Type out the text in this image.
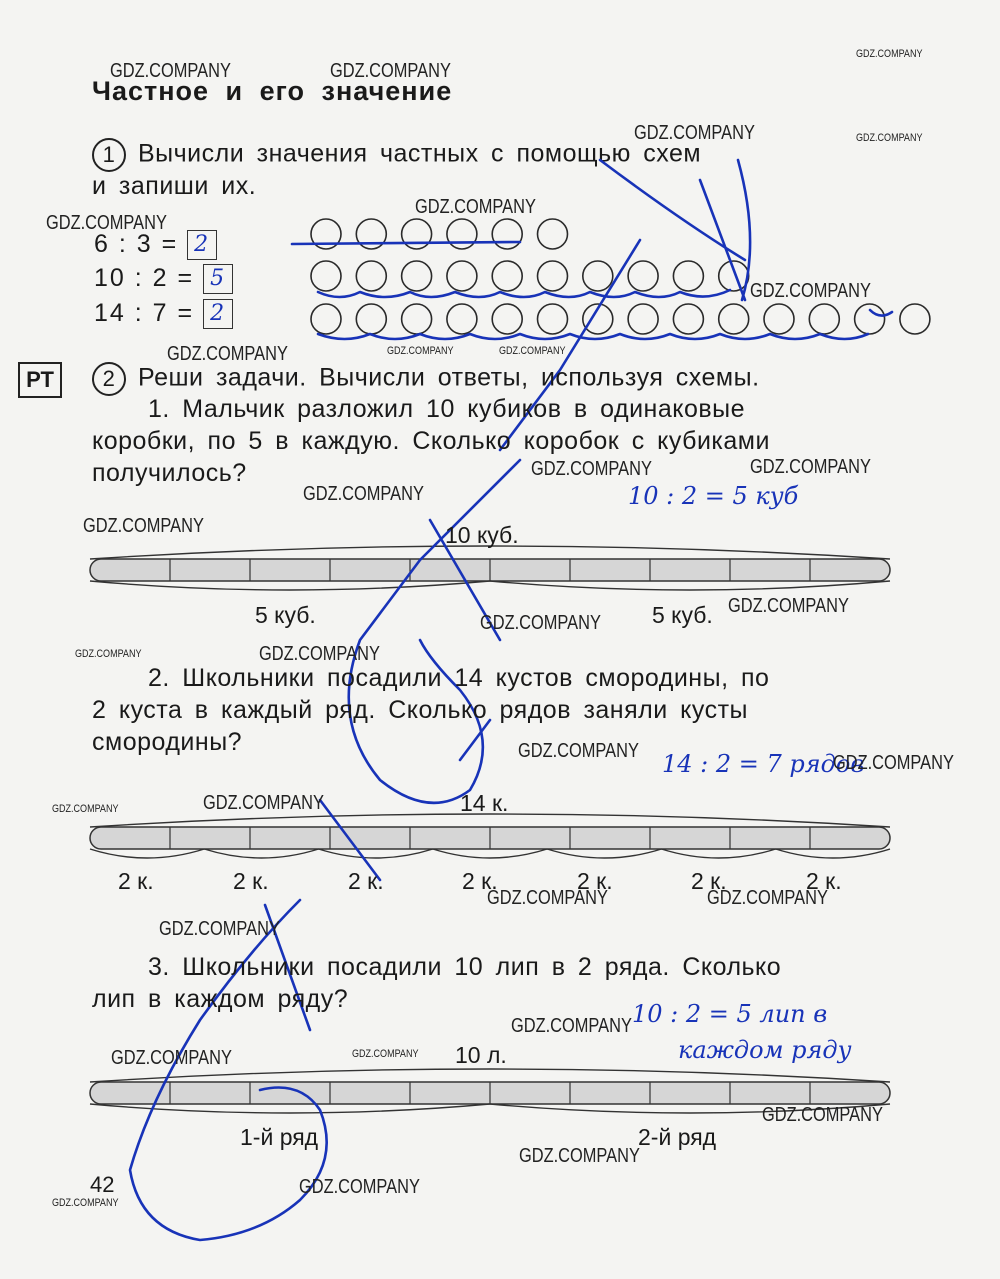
Частное и его значение
1 Вычисли значения частных с помощью схем
и запиши их.
6 : 3 = 2
10 : 2 = 5
14 : 7 = 2
РТ	2 Реши задачи. Вычисли ответы, используя схемы.
1. Мальчик разложил 10 кубиков в одинаковые
коробки, по 5 в каждую. Сколько коробок с кубиками
получилось?
10 : 2 = 5 куб
10 куб.
5 куб.	5 куб.
2. Школьники посадили 14 кустов смородины, по
2 куста в каждый ряд. Сколько рядов заняли кусты
смородины?
14 : 2 = 7 рядов
14 к.
2 к.	2 к.	2 к.	2 к.	2 к.	2 к.	2 к.
3. Школьники посадили 10 лип в 2 ряда. Сколько
лип в каждом ряду?
10 : 2 = 5 лип в
каждом ряду
10 л.
1-й ряд	2-й ряд
42
GDZ.COMPANY	GDZ.COMPANY
GDZ.COMPANY
GDZ.COMPANY	GDZ.COMPANY
GDZ.COMPANY
GDZ.COMPANY
GDZ.COMPANY
GDZ.COMPANY	GDZ.COMPANY	GDZ.COMPANY
GDZ.COMPANY	GDZ.COMPANY
GDZ.COMPANY
GDZ.COMPANY
GDZ.COMPANY
GDZ.COMPANY
GDZ.COMPANY	GDZ.COMPANY
GDZ.COMPANY
GDZ.COMPANY
GDZ.COMPANY	GDZ.COMPANY
GDZ.COMPANY	GDZ.COMPANY
GDZ.COMPANY
GDZ.COMPANY
GDZ.COMPANY	GDZ.COMPANY
GDZ.COMPANY
GDZ.COMPANY
GDZ.COMPANY
GDZ.COMPANY
